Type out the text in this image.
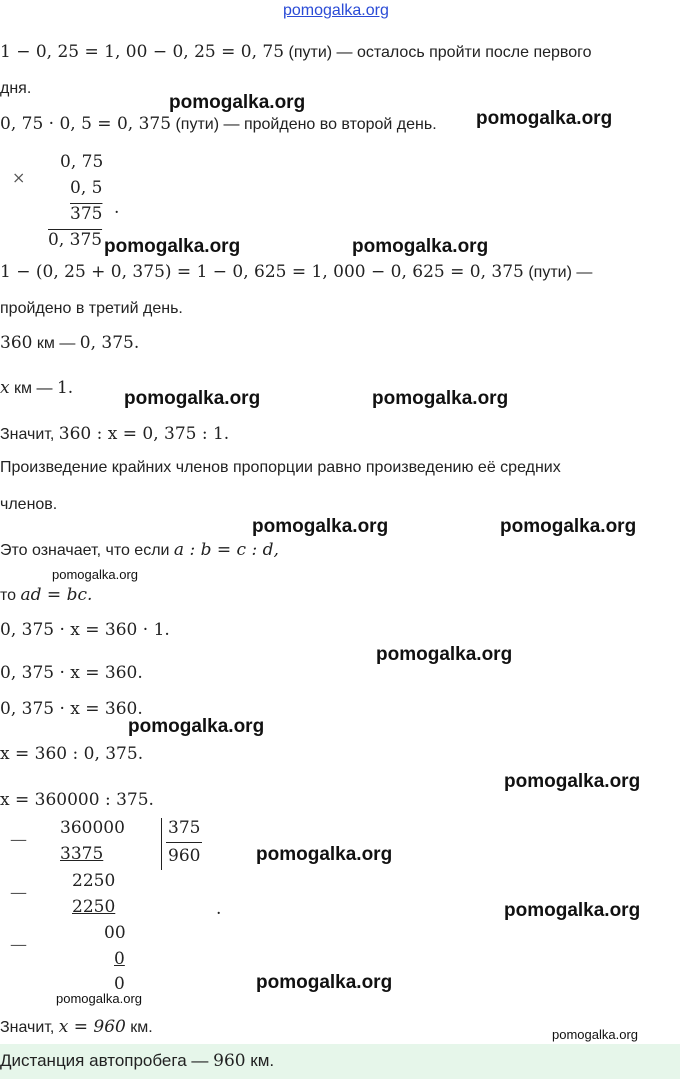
pomogalka.org
1 − 0, 25 = 1, 00 − 0, 25 = 0, 75 (пути) — осталось пройти после первого
дня.
0, 75 · 0, 5 = 0, 375 (пути) — пройдено во второй день.
×
0, 75
0, 5
375 .
0, 375
1 − (0, 25 + 0, 375) = 1 − 0, 625 = 1, 000 − 0, 625 = 0, 375 (пути) —
пройдено в третий день.
360 км — 0, 375.
x км — 1.
Значит, 360 : x = 0, 375 : 1.
Произведение крайних членов пропорции равно произведению её средних
членов.
Это означает, что если a : b = c : d,
то ad = bc.
0, 375 · x = 360 · 1.
0, 375 · x = 360.
0, 375 · x = 360.
x = 360 : 0, 375.
x = 360000 : 375.
—
360000
3375
375
960
2250
—
2250	.
00
—
0
0
Значит, x = 960 км.
Дистанция автопробега — 960 км.
pomogalka.org
pomogalka.org
pomogalka.org	pomogalka.org
pomogalka.org	pomogalka.org
pomogalka.org	pomogalka.org
pomogalka.org
pomogalka.org
pomogalka.org
pomogalka.org
pomogalka.org
pomogalka.org
pomogalka.org
pomogalka.org
pomogalka.org
